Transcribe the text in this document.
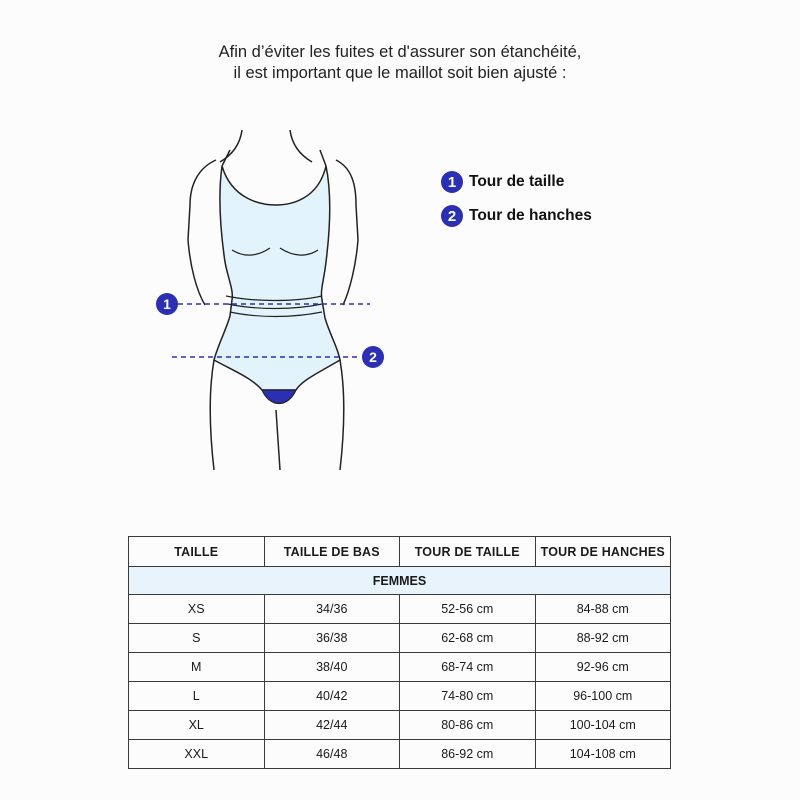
Afin d’éviter les fuites et d'assurer son étanchéité,
il est important que le maillot soit bien ajusté :
1
2
1 Tour de taille
2 Tour de hanches
TAILLE	TAILLE DE BAS	TOUR DE TAILLE	TOUR DE HANCHES
FEMMES			
XS	34/36	52-56 cm	84-88 cm
S	36/38	62-68 cm	88-92 cm
M	38/40	68-74 cm	92-96 cm
L	40/42	74-80 cm	96-100 cm
XL	42/44	80-86 cm	100-104 cm
XXL	46/48	86-92 cm	104-108 cm
